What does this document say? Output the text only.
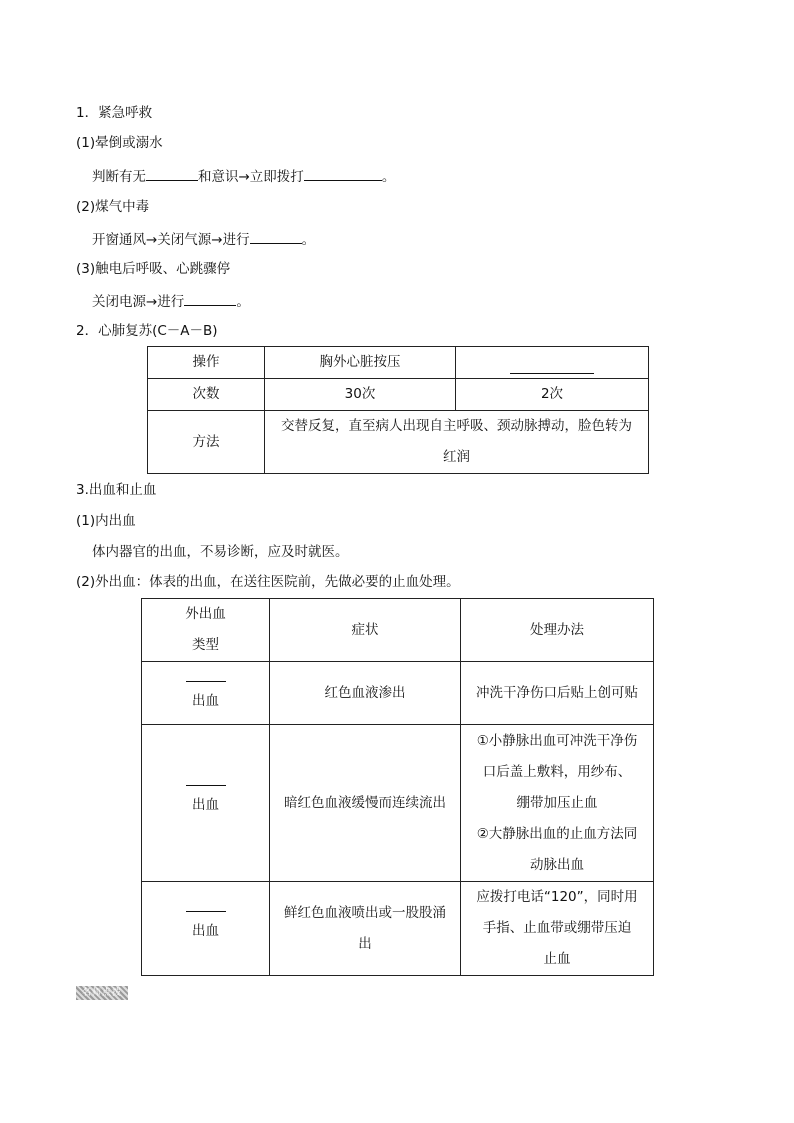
1．紧急呼救
(1)晕倒或溺水
判断有无	和意识→立即拨打	。
(2)煤气中毒
开窗通风→关闭气源→进行	。
(3)触电后呼吸、心跳骤停
关闭电源→进行	。
2．心肺复苏(C－A－B)
操作	胸外心脏按压	

次数	30次	2次
方法	交替反复，直至病人出现自主呼吸、颈动脉搏动，脸色转为
红润	
3.出血和止血
(1)内出血
体内器官的出血，不易诊断，应及时就医。
(2)外出血：体表的出血，在送往医院前，先做必要的止血处理。
外出血
类型	症状	处理办法

出血	红色血液渗出	冲洗干净伤口后贴上创可贴

出血	暗红色血液缓慢而连续流出	①小静脉出血可冲洗干净伤
口后盖上敷料，用纱布、
绷带加压止血
②大静脉出血的止血方法同
动脉出血

出血	鲜红色血液喷出或一股股涌
出	应拨打电话“120”，同时用
手指、止血带或绷带压迫
止血
名师点拨
